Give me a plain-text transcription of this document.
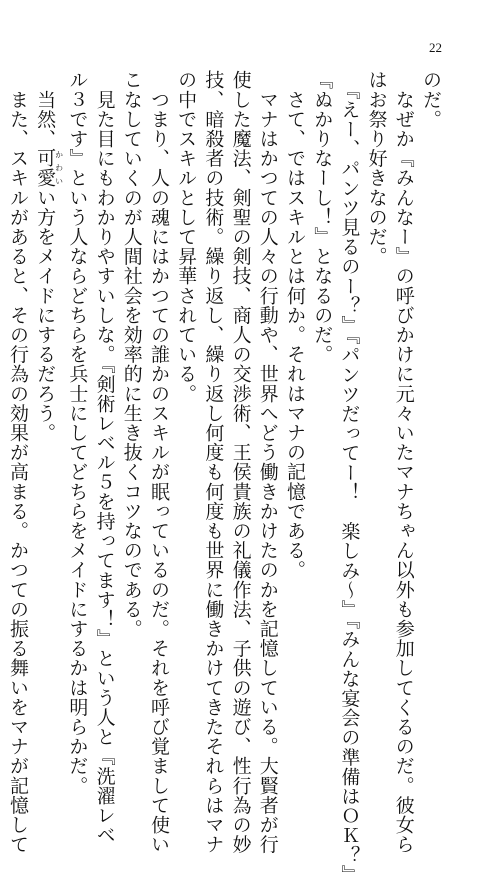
22
のだ。
　なぜか『みんなー』の呼びかけに元々いたマナちゃん以外も参加してくるのだ。彼女ら
はお祭り好きなのだ。
　『えー、パンツ見るのー？』『パンツだってー！　楽しみ～』『みんな宴会の準備はＯＫ？』
『ぬかりなーし！』となるのだ。
　さて、ではスキルとは何か。それはマナの記憶である。
　マナはかつての人々の行動や、世界へどう働きかけたのかを記憶している。大賢者が行
使した魔法、剣聖の剣技、商人の交渉術、王侯貴族の礼儀作法、子供の遊び、性行為の妙
技、暗殺者の技術。繰り返し、繰り返し何度も何度も世界に働きかけてきたそれらはマナ
の中でスキルとして昇華されている。
　つまり、人の魂にはかつての誰かのスキルが眠っているのだ。それを呼び覚まして使い
こなしていくのが人間社会を効率的に生き抜くコツなのである。
　見た目にもわかりやすいしな。『剣術レベル５を持ってます！』という人と『洗濯レベ
ル３です』という人ならどちらを兵士にしてどちらをメイドにするかは明らかだ。
　当然、可愛かわいい方をメイドにするだろう。
　また、スキルがあると、その行為の効果が高まる。かつての振る舞いをマナが記憶して
